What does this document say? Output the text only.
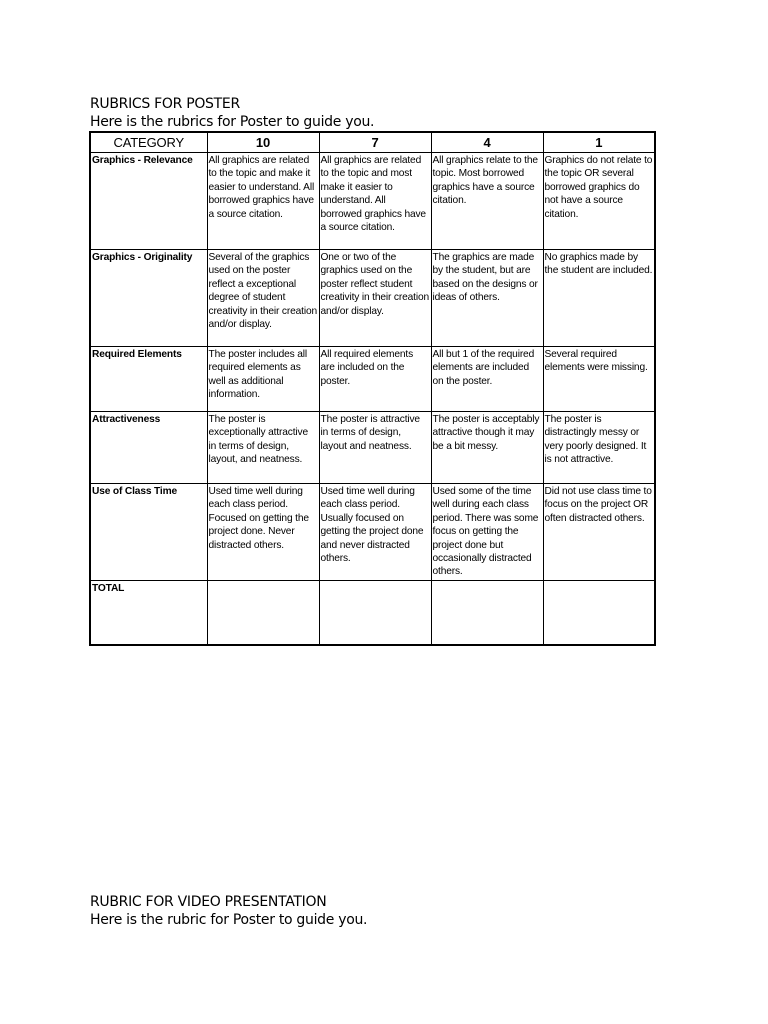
RUBRICS FOR POSTER

Here is the rubrics for Poster to guide you.

CATEGORY	10	7	4	1
Graphics - Relevance	All graphics are related to the topic and make it easier to understand. All borrowed graphics have a source citation.	All graphics are related to the topic and most make it easier to understand. All borrowed graphics have a source citation.	All graphics relate to the topic. Most borrowed graphics have a source citation.	Graphics do not relate to the topic OR several borrowed graphics do not have a source citation.
Graphics - Originality	Several of the graphics used on the poster reflect a exceptional degree of student creativity in their creation and/or display.	One or two of the graphics used on the poster reflect student creativity in their creation and/or display.	The graphics are made by the student, but are based on the designs or ideas of others.	No graphics made by the student are included.
Required Elements	The poster includes all required elements as well as additional information.	All required elements are included on the poster.	All but 1 of the required elements are included on the poster.	Several required elements were missing.
Attractiveness	The poster is exceptionally attractive in terms of design, layout, and neatness.	The poster is attractive in terms of design, layout and neatness.	The poster is acceptably attractive though it may be a bit messy.	The poster is distractingly messy or very poorly designed. It is not attractive.
Use of Class Time	Used time well during each class period. Focused on getting the project done. Never distracted others.	Used time well during each class period. Usually focused on getting the project done and never distracted others.	Used some of the time well during each class period. There was some focus on getting the project done but occasionally distracted others.	Did not use class time to focus on the project OR often distracted others.
TOTAL				

RUBRIC FOR VIDEO PRESENTATION

Here is the rubric for Poster to guide you.
